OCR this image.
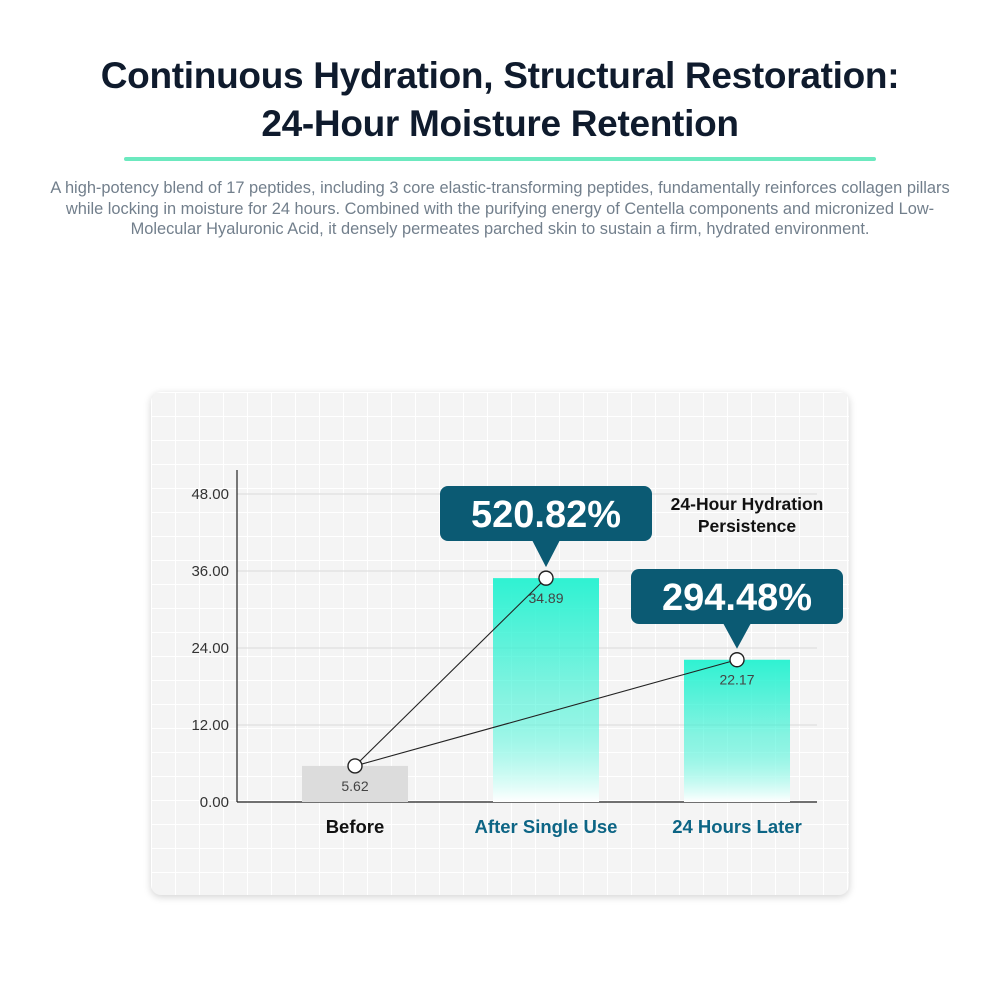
Continuous Hydration, Structural Restoration:
24-Hour Moisture Retention
A high-potency blend of 17 peptides, including 3 core elastic-transforming peptides, fundamentally reinforces collagen pillars while locking in moisture for 24 hours. Combined with the purifying energy of Centella components and micronized Low-Molecular Hyaluronic Acid, it densely permeates parched skin to sustain a firm, hydrated environment.
0.00
12.00
24.00
36.00
48.00
5.62
34.89
22.17
Before	After Single Use	24 Hours Later
520.82%
294.48%
24-Hour Hydration
Persistence
